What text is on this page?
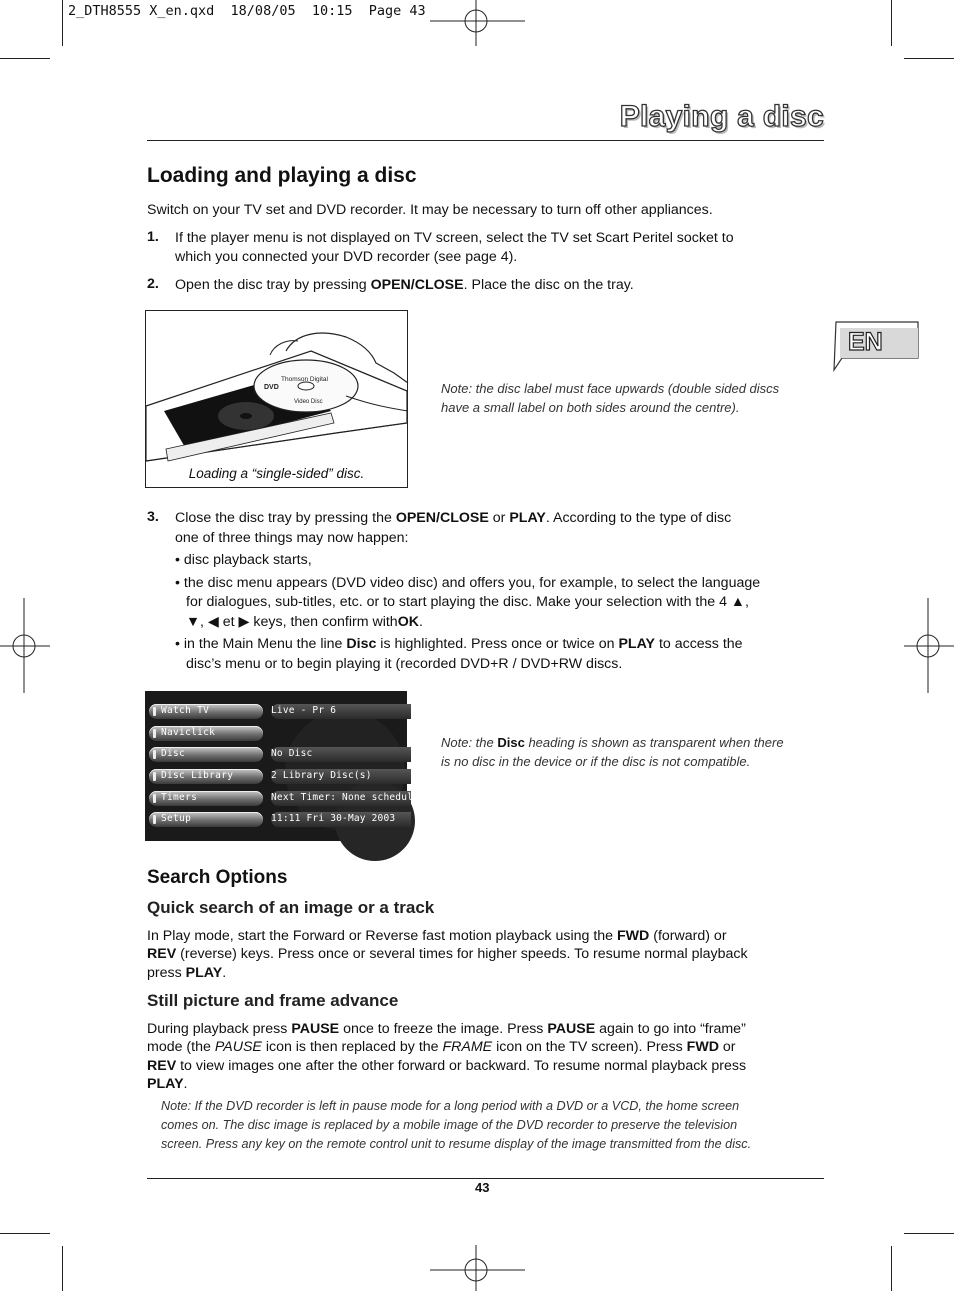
2_DTH8555 X_en.qxd  18/08/05  10:15  Page 43
Playing a disc
EN
Loading and playing a disc
Switch on your TV set and DVD recorder. It may be necessary to turn off other appliances.
1. If the player menu is not displayed on TV screen, select the TV set Scart Peritel socket to
which you connected your DVD recorder (see page 4).
2. Open the disc tray by pressing OPEN/CLOSE. Place the disc on the tray.
DVD
Thomson Digital
Video Disc
Loading a “single-sided” disc.
Note: the disc label must face upwards (double sided discs
have a small label on both sides around the centre).
3. Close the disc tray by pressing the OPEN/CLOSE or PLAY. According to the type of disc
one of three things may now happen:
• disc playback starts,
• the disc menu appears (DVD video disc) and offers you, for example, to select the language
for dialogues, sub-titles, etc. or to start playing the disc. Make your selection with the 4 ▲,
▼, ◀ et ▶ keys, then confirm withOK.
• in the Main Menu the line Disc is highlighted. Press once or twice on PLAY to access the
disc’s menu or to begin playing it (recorded DVD+R / DVD+RW discs.
Watch TV	Live - Pr 6
Naviclick
Disc	No Disc
Disc Library	2 Library Disc(s)
Timers	Next Timer: None scheduled
Setup	11:11 Fri 30-May 2003
Note: the Disc heading is shown as transparent when there
is no disc in the device or if the disc is not compatible.
Search Options
Quick search of an image or a track
In Play mode, start the Forward or Reverse fast motion playback using the FWD (forward) or
REV (reverse) keys. Press once or several times for higher speeds. To resume normal playback
press PLAY.
Still picture and frame advance
During playback press PAUSE once to freeze the image. Press PAUSE again to go into “frame”
mode (the PAUSE icon is then replaced by the FRAME icon on the TV screen). Press FWD or
REV to view images one after the other forward or backward. To resume normal playback press
PLAY.
Note: If the DVD recorder is left in pause mode for a long period with a DVD or a VCD, the home screen
comes on. The disc image is replaced by a mobile image of the DVD recorder to preserve the television
screen. Press any key on the remote control unit to resume display of the image transmitted from the disc.
43
